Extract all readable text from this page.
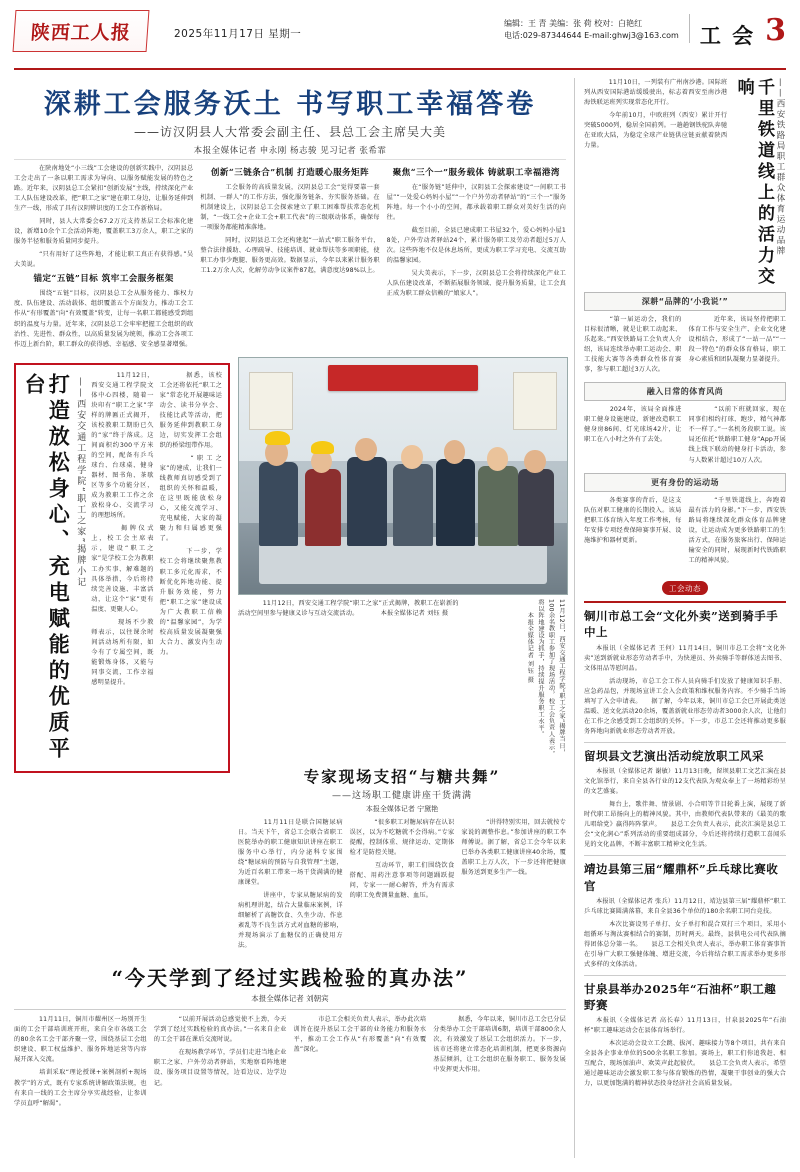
陕西工人报	2025年11月17日 星期一
编辑：王 青 美编：张 荷 校对：白艳红
电话:029-87344644 E-mail:ghwj3@163.com 工 会 3
深耕工会服务沃土 书写职工幸福答卷
——访汉阴县人大常委会副主任、县总工会主席吴大美
本报全媒体记者 申永刚 杨志骏 见习记者 张希霏

　　在陕南地处“小三线”工会建设的创新实践中，汉阴县总工会走出了一条以职工需求为导向、以服务赋能发展的特色之路。近年来，汉阴县总工会紧扣“创新发展”主线，持续深化产业工人队伍建设改革，把“职工之家”建在职工身边，让服务延伸到生产一线，形成了具有汉阴辨识度的工会工作新格局。

　　同时，县人大常委会67.2万元支持基层工会标准化建设，新增10余个工会活动阵地，覆盖职工3万余人，职工之家的服务半径和服务质量同步提升。

　　“只有用好了这些阵地，才能让职工真正有获得感。”吴大美说。

锚定“五链”目标 筑牢工会服务框架

　　围绕“五链”目标，汉阴县总工会从服务能力、维权力度、队伍建设、活动载体、组织覆盖五个方面发力，推动工会工作从“有形覆盖”向“有效覆盖”转变，让每一名职工都能感受到组织的温度与力量。近年来，汉阴县总工会牢牢把握工会组织的政治性、先进性、群众性，以高质量发展为统领，推动工会各项工作迈上新台阶，职工群众的获得感、幸福感、安全感显著增强。

创新“三链条合”机制 打造暖心服务矩阵

　　工会服务的高质量发展，汉阴县总工会“觉得要靠一套机制、一群人”的工作方法，强化服务链条、夯实服务基础。在机制建设上，汉阴县总工会探索建立了职工困难帮扶常态化机制，“一线工会+企业工会+职工代表”的三级联动体系，确保每一项服务都能精准落地。

　　同时，汉阴县总工会还构建起“一站式”职工服务平台，整合法律援助、心理疏导、技能培训、就业帮扶等多项职能，使职工办事少跑腿、服务更高效。数据显示，今年以来累计服务职工1.2万余人次，化解劳动争议案件87起，满意度达98%以上。

聚焦“三个一”服务载体 铸就职工幸福港湾

　　在“服务链”延伸中，汉阴县工会探索建设“一间职工书屋”“一处爱心妈妈小屋”“一个户外劳动者驿站”的“三个一”服务阵地。每一个小小的空间，都承载着职工群众对美好生活的向往。

　　截至目前，全县已建成职工书屋32个，爱心妈妈小屋18处，户外劳动者驿站24个，累计服务职工及劳动者超过5万人次。这些阵地不仅是休息场所，更成为职工学习充电、交流互助的温馨家园。

　　吴大美表示，下一步，汉阴县总工会将持续深化产业工人队伍建设改革，不断拓展服务领域、提升服务质量，让工会真正成为职工群众信赖的“娘家人”。

打造放松身心、充电赋能的优质平台	——西安交通工程学院“职工之家”揭牌小记

　　11月12日，西安交通工程学院文体中心四楼，随着一块印有“职工之家”字样的牌匾正式揭开，该校教职工期盼已久的“家”终于落成。这间面积约300平方米的空间，配备有乒乓球台、台球桌、健身器材、图书角、茶歇区等多个功能分区，成为教职工工作之余放松身心、交流学习的理想场所。

　　揭牌仪式上，校工会主席表示，建设“职工之家”是学校工会为教职工办实事、解难题的具体举措，今后将持续完善设施、丰富活动，让这个“家”更有温度、更聚人心。

　　现场不少教师表示，以往课余时间活动场所有限，如今有了专属空间，既能锻炼身体，又能与同事交流，工作幸福感明显提升。

　　据悉，该校工会还将依托“职工之家”常态化开展趣味运动会、读书分享会、技能比武等活动，把服务延伸到教职工身边，切实发挥工会组织的桥梁纽带作用。

　　“职工之家”的建成，让我们一线教师真切感受到了组织的关怀和温暖，在这里既能放松身心，又能交流学习、充电赋能，大家的凝聚力和归属感更强了。

　　下一步，学校工会将继续聚焦教职工多元化需求，不断优化阵地功能、提升服务效能，努力把“职工之家”建设成为广大教职工信赖的“温馨家园”，为学校高质量发展凝聚强大合力、激发内生动力。

　　11月12日，西安交通工程学院“职工之家”正式揭牌，教职工在崭新的活动空间里参与健康义诊与互动交流活动。　　　　本报全媒体记者 刘钰 摄	11月12日，西安交通工程学院“职工之家”揭牌当日，100余名教职工参加了现场活动，校工会负责人表示，将以阵地建设为抓手，持续提升服务职工水平。 　　本报全媒体记者 刘钰 摄
专家现场支招“与糖共舞”
——这场职工健康讲座干货满满
本报全媒体记者 宁黛艳

　　11月11日是联合国糖尿病日。当天下午，省总工会联合省职工医院举办的职工健康知识讲座在职工服务中心举行，内分泌科专家围绕“糖尿病的预防与自我管理”主题，为近百名职工带来一场干货满满的健康课堂。

　　讲座中，专家从糖尿病的发病机理讲起，结合大量临床案例，详细解析了高糖饮食、久坐少动、作息紊乱等不良生活方式对血糖的影响，并现场演示了血糖仪的正确使用方法。

　　“很多职工对糖尿病存在认识误区，以为不吃糖就不会得病。”专家提醒，控制体重、规律运动、定期体检才是防控关键。

　　互动环节，职工们围绕饮食搭配、用药注意事项等问题踊跃提问，专家一一耐心解答，并为有需求的职工免费测量血糖、血压。

　　“讲得特别实用，回去就按专家说的调整作息。”参加讲座的职工李师傅说。据了解，省总工会今年以来已举办各类职工健康讲座40余场，覆盖职工上万人次，下一步还将把健康服务送到更多生产一线。

“今天学到了经过实践检验的真办法”
本报全媒体记者 刘朝宾

　　11月11日，铜川市耀州区一场别开生面的工会干部培训班开班，来自全市各级工会的80余名工会干部齐聚一堂，围绕基层工会组织建设、职工权益维护、服务阵地运营等内容展开深入交流。

　　培训采取“理论授课+案例剖析+现场教学”的方式，既有专家系统讲解政策法规，也有来自一线的工会主席分享实战经验，让参训学员直呼“解渴”。

　　“以前开展活动总感觉使不上劲，今天学到了经过实践检验的真办法。”一名来自企业的工会干部在课后交流时说。

　　在现场教学环节，学员们走进当地企业职工之家、户外劳动者驿站，实地察看阵地建设、服务项目设置等情况，边看边议、边学边记。

　　市总工会相关负责人表示，举办此次培训旨在提升基层工会干部的业务能力和服务水平，推动工会工作从“有形覆盖”向“有效覆盖”深化。

　　据悉，今年以来，铜川市总工会已分层分类举办工会干部培训6期，培训干部800余人次，有效激发了基层工会组织活力。下一步，该市还将建立常态化培训机制，把更多资源向基层倾斜，让工会组织在服务职工、服务发展中发挥更大作用。

　　11月10日，一列装有广州南沙港。国际班列从西安国际港站缓缓驶出，标志着西安至南沙港海铁联运班列实现常态化开行。

　　今年前10月，中欧班列（西安）累计开行突破5000列，稳居全国前列。一趟趟钢铁驼队奔驰在亚欧大陆，为稳定全球产业链供应链贡献着陕西力量。	千里铁道线上的活力交响	——西安铁路局职工群众体育运动品牌
深耕“品牌的‘小我说’”

　　“第一届运动会，我们的目标很清晰，就是让职工动起来、乐起来。”西安铁路局工会负责人介绍，该局连续举办职工运动会、职工技能大赛等各类群众性体育赛事，参与职工超过3万人次。

　　近年来，该局坚持把职工体育工作与安全生产、企业文化建设相结合，形成了“一站一品”“一段一特色”的群众体育格局，职工身心素质和团队凝聚力显著提升。

融入日常的体育风尚

　　2024年，该局全面推进职工健身设施建设，新建改造职工健身房86间、灯光球场42片，让职工在八小时之外有了去处。

　　“以前下班就回家，现在同事们相约打球、跑步，精气神都不一样了。”一名机务段职工说。该局还依托“铁路职工健身”App开展线上线下联动的健身打卡活动，参与人数累计超过10万人次。

更有身份的运动场

　　各类赛事的背后，是这支队伍对职工健康的长期投入。该局把职工体育纳入年度工作考核，每年安排专项经费保障赛事开展、设施维护和器材更新。

　　“千里铁道线上，奔跑着最有活力的身影。”下一步，西安铁路局将继续深化群众体育品牌建设，让运动成为更多铁路职工的生活方式，在服务旅客出行、保障运输安全的同时，展现新时代铁路职工的精神风貌。

工会动态
铜川市总工会“文化外卖”送到骑手手中上

本报讯（全媒体记者 王何）11月14日，铜川市总工会将“文化外卖”送到新就业形态劳动者手中，为快递员、外卖骑手等群体送去图书、文体用品等慰问品。

　　活动现场，市总工会工作人员向骑手们发放了健康知识手册、应急药品包，并现场宣讲工会入会政策和维权服务内容。不少骑手当场填写了入会申请表。　　据了解，今年以来，铜川市总工会已开展此类送温暖、送文化活动20余场，覆盖新就业形态劳动者3000余人次，让他们在工作之余感受到工会组织的关怀。下一步，市总工会还将推动更多服务阵地向新就业形态劳动者开放。

留坝县文艺演出活动绽放职工风采

本报讯（全媒体记者 谢敏）11月13日晚，留坝县职工文艺汇演在县文化馆举行，来自全县各行业的12支代表队为观众奉上了一场精彩纷呈的文艺盛宴。

　　舞台上，歌伴舞、情景剧、小合唱等节目轮番上演，展现了新时代职工昂扬向上的精神风貌。其中，由教师代表队带来的《最美的歌儿唱给党》赢得阵阵掌声。　　县总工会负责人表示，此次汇演是县总工会“文化润心”系列活动的重要组成部分，今后还将持续打造职工喜闻乐见的文化品牌，不断丰富职工精神文化生活。

靖边县第三届“耀鼎杯”乒乓球比赛收官

本报讯（全媒体记者 张兵）11月12日，靖边县第三届“耀鼎杯”职工乒乓球比赛圆满落幕，来自全县36个单位的180余名职工同台竞技。

　　本次比赛设男子单打、女子单打和混合双打三个项目，采用小组循环与淘汰赛相结合的赛制，历时两天。最终，县供电公司代表队摘得团体总分第一名。　　县总工会相关负责人表示，举办职工体育赛事旨在引导广大职工强健体魄、增进交流，今后将结合职工需求举办更多形式多样的文体活动。

甘泉县举办2025年“石油杯”职工趣野赛

本报讯（全媒体记者 高长春）11月13日，甘泉县2025年“石油杯”职工趣味运动会在县体育场举行。

　　本次运动会设立工会跳、拔河、趣味接力等8个项目，共有来自全县各企事业单位的500余名职工参加。赛场上，职工们你追我赶、相互配合，现场加油声、欢笑声此起彼伏。　　县总工会负责人表示，希望通过趣味运动会激发职工参与体育锻炼的热情，凝聚干事创业的强大合力，以更加饱满的精神状态投身经济社会高质量发展。
